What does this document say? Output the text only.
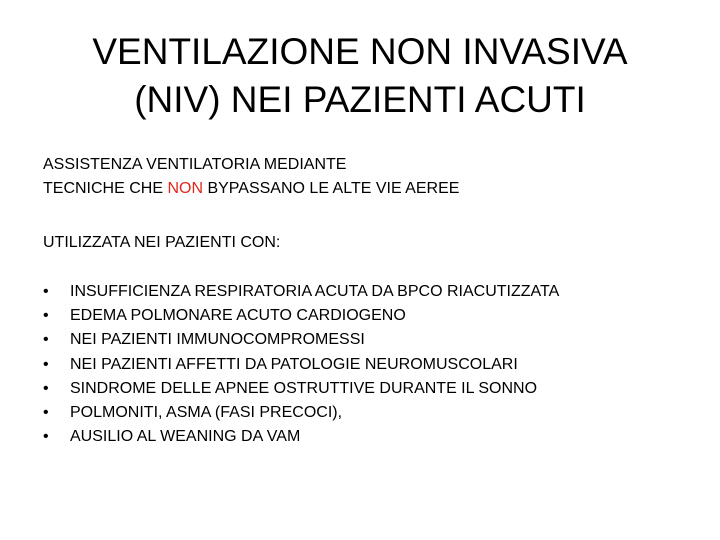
VENTILAZIONE NON INVASIVA
(NIV) NEI PAZIENTI ACUTI

ASSISTENZA VENTILATORIA MEDIANTE
TECNICHE CHE NON BYPASSANO LE ALTE VIE AEREE

UTILIZZATA NEI PAZIENTI CON:

• INSUFFICIENZA RESPIRATORIA ACUTA DA BPCO RIACUTIZZATA
• EDEMA POLMONARE ACUTO CARDIOGENO
• NEI PAZIENTI IMMUNOCOMPROMESSI
• NEI PAZIENTI AFFETTI DA PATOLOGIE NEUROMUSCOLARI
• SINDROME DELLE APNEE OSTRUTTIVE DURANTE IL SONNO
• POLMONITI, ASMA (FASI PRECOCI),
• AUSILIO AL WEANING DA VAM
